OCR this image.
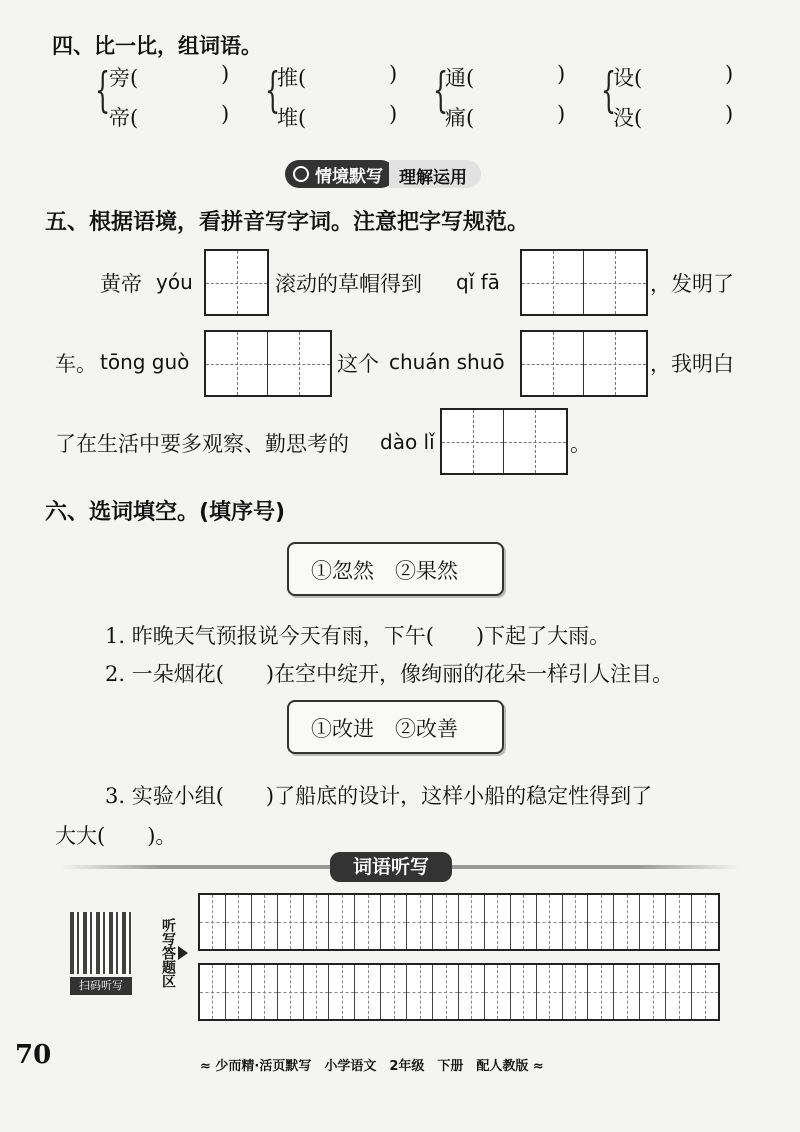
四、比一比，组词语。
{
旁(	)
帝(	) {
推(	)
堆(	) {
通(	)
痛(	) {
设(	)
没(	)
情境默写 理解运用
五、根据语境，看拼音写字词。注意把字写规范。
黄帝 yóu	滚动的草帽得到 qǐ fā	，发明了
车。 tōng guò	这个 chuán shuō	，我明白
了在生活中要多观察、勤思考的 dào lǐ	。
六、选词填空。(填序号)
①忽然　②果然
1. 昨晚天气预报说今天有雨，下午(　　)下起了大雨。
2. 一朵烟花(　　)在空中绽开，像绚丽的花朵一样引人注目。
①改进　②改善
3. 实验小组(　　)了船底的设计，这样小船的稳定性得到了
大大(　　)。
词语听写
扫码听写	听写答题区
70	≈ 少而精·活页默写　小学语文　2年级　下册　配人教版 ≈
